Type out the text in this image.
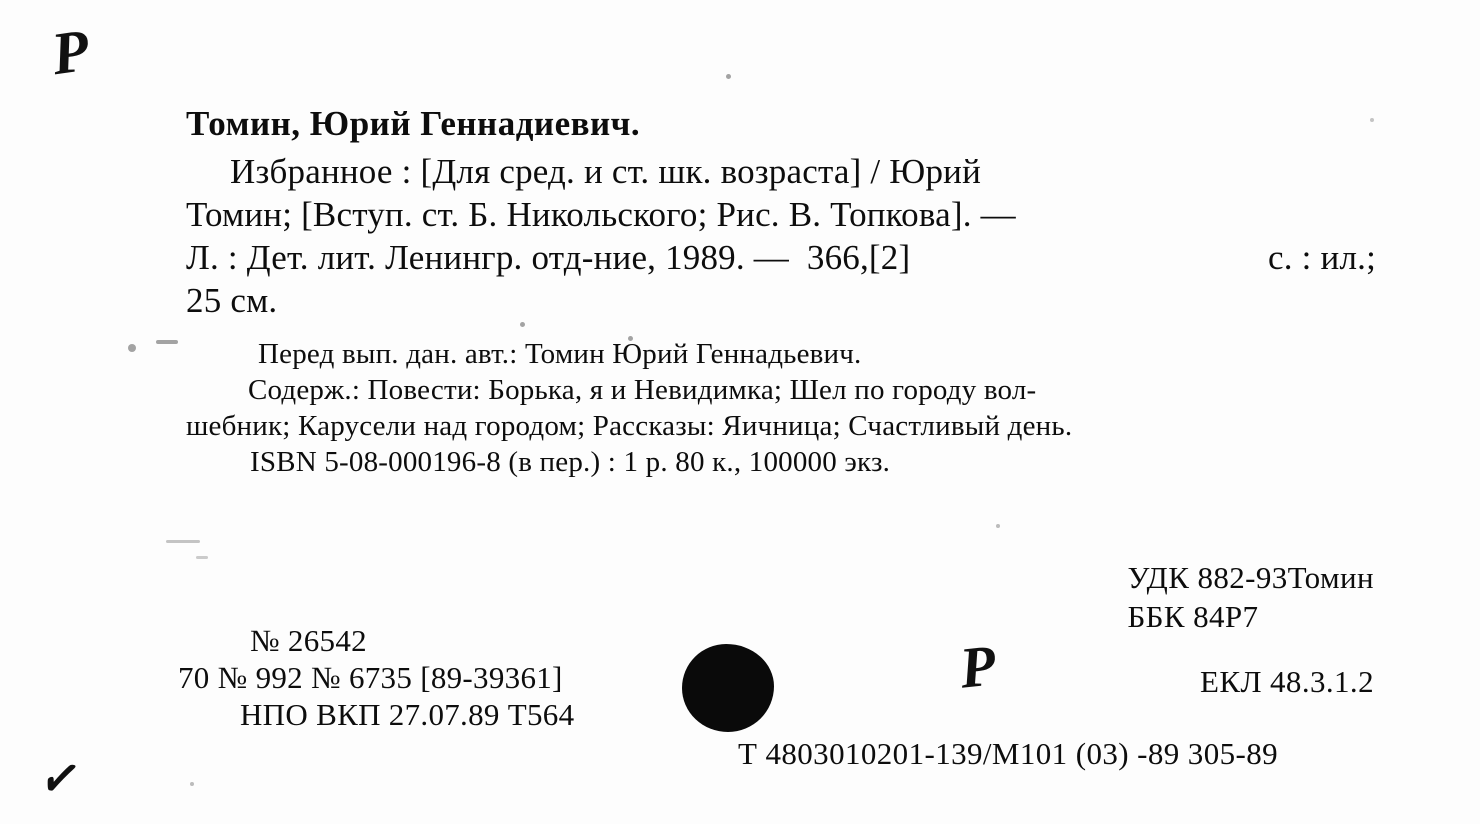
Р
Р
✓
Томин, Юрий Геннадиевич.
Избранное : [Для сред. и ст. шк. возраста] / Юрий
Томин; [Вступ. ст. Б. Никольского; Рис. В. Топкова]. —
Л. : Дет. лит. Ленингр. отд-ние, 1989. —  366,[2]	с. : ил.;
25 см.
Перед вып. дан. авт.: Томин Юрий Геннадьевич.
Содерж.: Повести: Борька, я и Невидимка; Шел по городу вол-
шебник; Карусели над городом; Рассказы: Яичница; Счастливый день.
ISBN 5-08-000196-8 (в пер.) : 1 р. 80 к., 100000 экз.
УДК 882-93Томин
ББК 84Р7
ЕКЛ 48.3.1.2
№ 26542
70 № 992 № 6735 [89-39361]
НПО ВКП 27.07.89 Т564
Т 4803010201-139/М101 (03) -89 305-89
